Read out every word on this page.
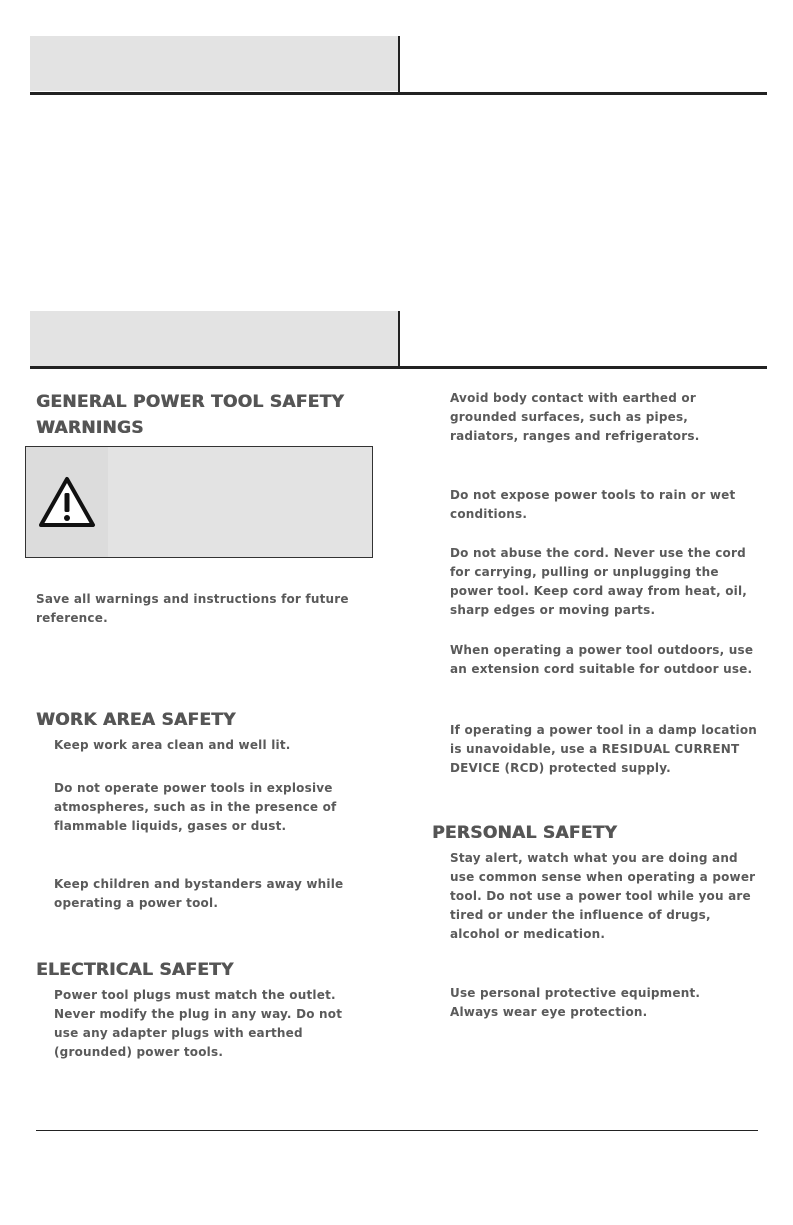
GENERAL POWER TOOL SAFETY
WARNINGS
Save all warnings and instructions for future reference.
WORK AREA SAFETY
Keep work area clean and well lit.
Do not operate power tools in explosive atmospheres, such as in the presence of flammable liquids, gases or dust.
Keep children and bystanders away while operating a power tool.
ELECTRICAL SAFETY
Power tool plugs must match the outlet. Never modify the plug in any way. Do not use any adapter plugs with earthed (grounded) power tools.
Avoid body contact with earthed or grounded surfaces, such as pipes, radiators, ranges and refrigerators.
Do not expose power tools to rain or wet conditions.
Do not abuse the cord. Never use the cord for carrying, pulling or unplugging the power tool. Keep cord away from heat, oil, sharp edges or moving parts.
When operating a power tool outdoors, use an extension cord suitable for outdoor use.
If operating a power tool in a damp location is unavoidable, use a RESIDUAL CURRENT DEVICE (RCD) protected supply.
PERSONAL SAFETY
Stay alert, watch what you are doing and use common sense when operating a power tool. Do not use a power tool while you are tired or under the influence of drugs, alcohol or medication.
Use personal protective equipment. Always wear eye protection.
